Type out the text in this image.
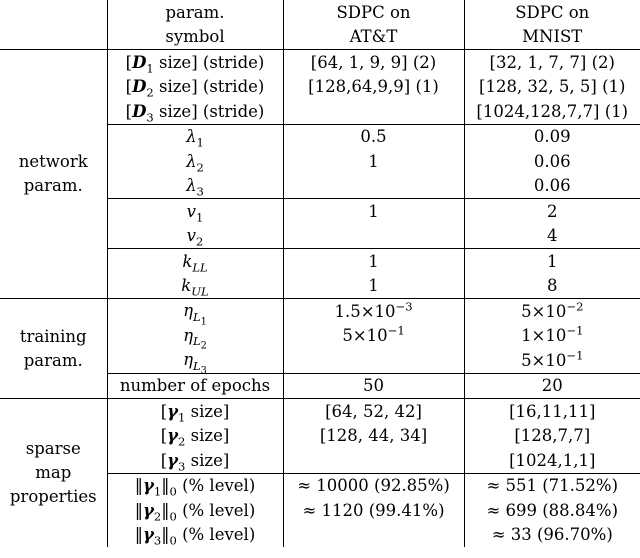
	param.	SDPC on	SDPC on
	symbol	AT&T	MNIST
network
param.	[$D_1$ size] (stride)	[64, 1, 9, 9] (2)	[32, 1, 7, 7] (2)
	[$D_2$ size] (stride)	[128,64,9,9] (1)	[128, 32, 5, 5] (1)
	[$D_3$ size] (stride)		[1024,128,7,7] (1)
	$\lambda_1$	0.5	0.09
	$\lambda_2$	1	0.06
	$\lambda_3$		0.06
	$v_1$	1	2
	$v_2$		4
	$k_{LL}$	1	1
	$k_{UL}$	1	8
training
param.	$\eta_{L_1}$	$1.5\times 10^{-3}$	$5\times 10^{-2}$
	$\eta_{L_2}$	$5\times 10^{-1}$	$1\times 10^{-1}$
	$\eta_{L_3}$		$5\times 10^{-1}$
	number of epochs	50	20
sparse
map
properties	[$\gamma_1$ size]	[64, 52, 42]	[16,11,11]
	[$\gamma_2$ size]	[128, 44, 34]	[128,7,7]
	[$\gamma_3$ size]		[1024,1,1]
	$‖\gamma_1‖_0$ (% level)	≈ 10000 (92.85%)	≈ 551 (71.52%)
	$‖\gamma_2‖_0$ (% level)	≈ 1120 (99.41%)	≈ 699 (88.84%)
	$‖\gamma_3‖_0$ (% level)		≈ 33 (96.70%)
